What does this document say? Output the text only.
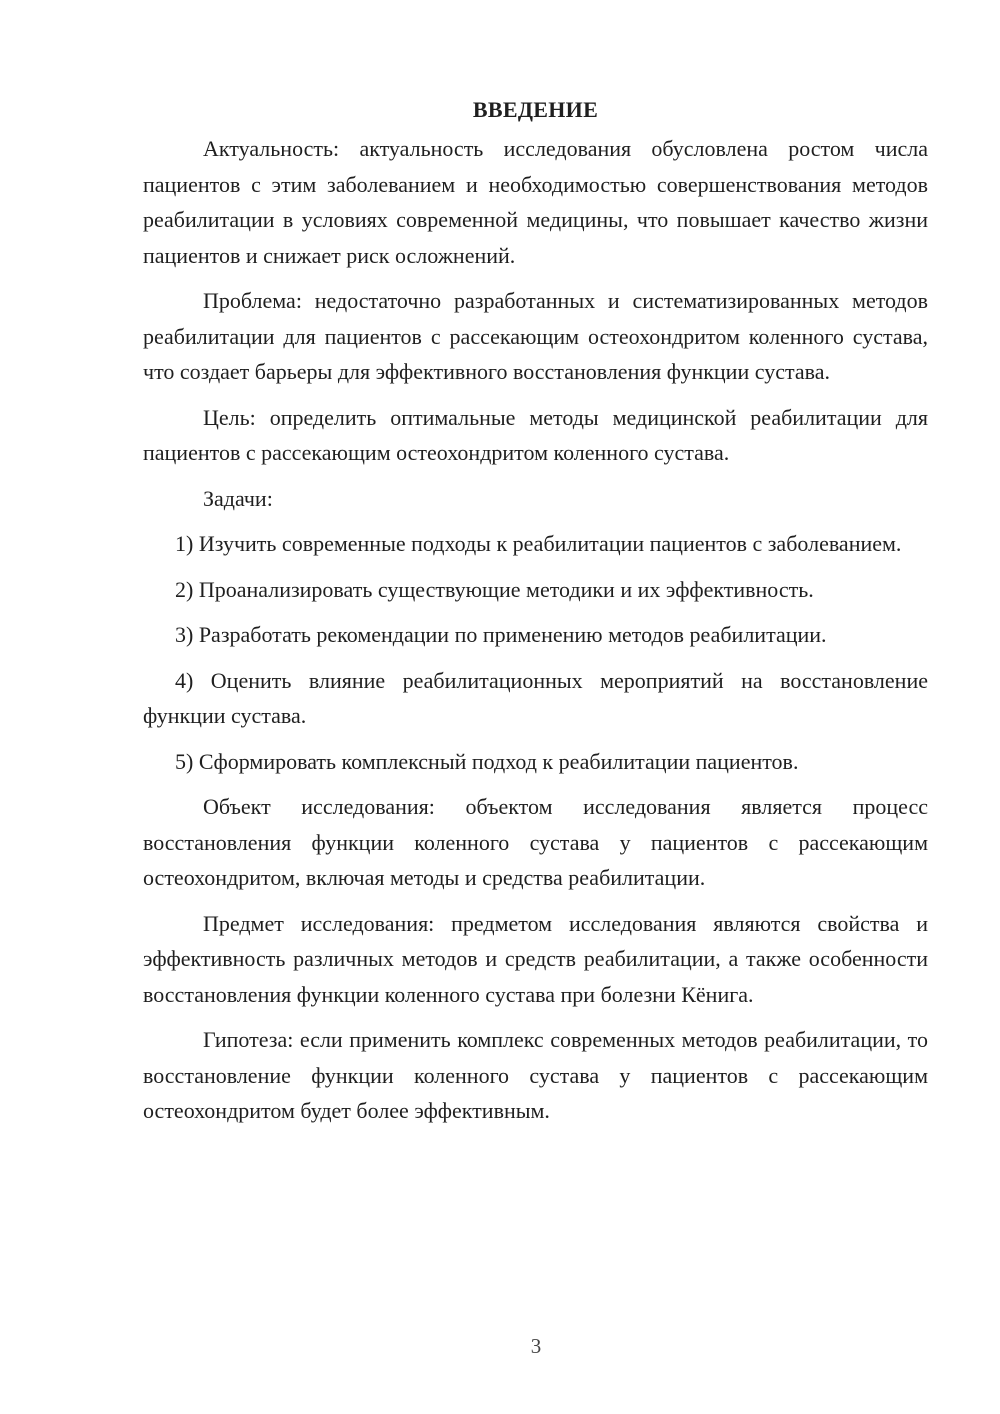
ВВЕДЕНИЕ

Актуальность: актуальность исследования обусловлена ростом числа пациентов с этим заболеванием и необходимостью совершенствования методов реабилитации в условиях современной медицины, что повышает качество жизни пациентов и снижает риск осложнений.

Проблема: недостаточно разработанных и систематизированных методов реабилитации для пациентов с рассекающим остеохондритом коленного сустава, что создает барьеры для эффективного восстановления функции сустава.

Цель: определить оптимальные методы медицинской реабилитации для пациентов с рассекающим остеохондритом коленного сустава.

Задачи:

1) Изучить современные подходы к реабилитации пациентов с заболеванием.

2) Проанализировать существующие методики и их эффективность.

3) Разработать рекомендации по применению методов реабилитации.

4) Оценить влияние реабилитационных мероприятий на восстановление функции сустава.

5) Сформировать комплексный подход к реабилитации пациентов.

Объект исследования: объектом исследования является процесс восстановления функции коленного сустава у пациентов с рассекающим остеохондритом, включая методы и средства реабилитации.

Предмет исследования: предметом исследования являются свойства и эффективность различных методов и средств реабилитации, а также особенности восстановления функции коленного сустава при болезни Кёнига.

Гипотеза: если применить комплекс современных методов реабилитации, то восстановление функции коленного сустава у пациентов с рассекающим остеохондритом будет более эффективным.

3
